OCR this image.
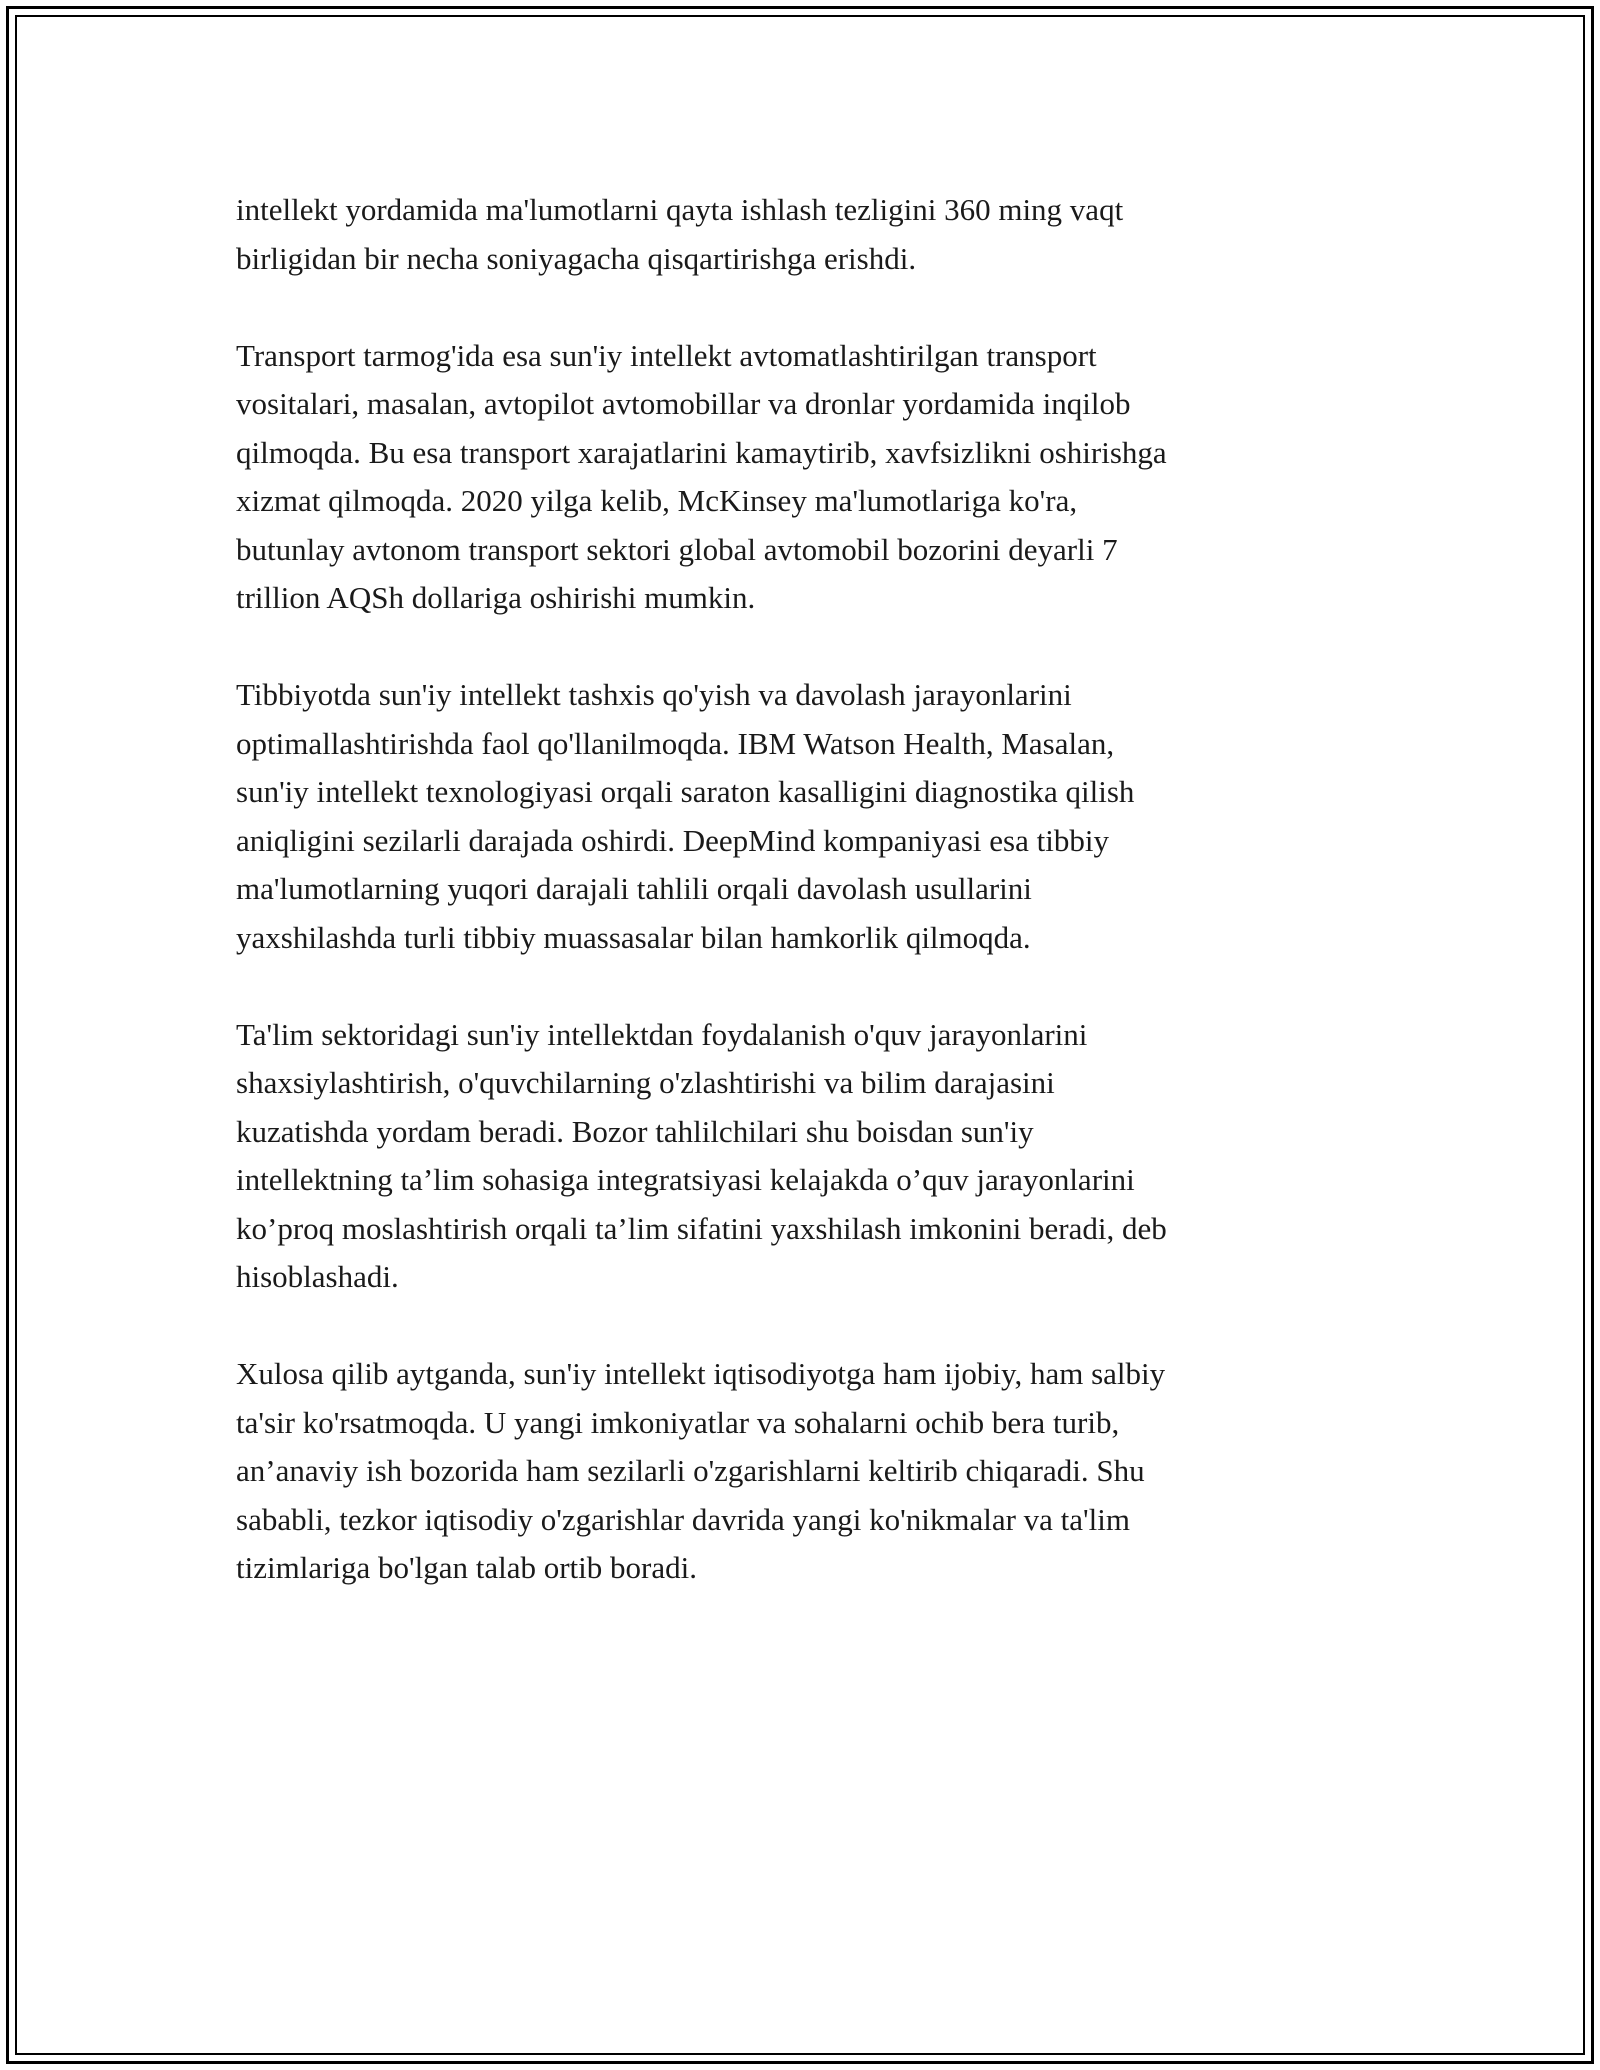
intellekt yordamida ma'lumotlarni qayta ishlash tezligini 360 ming vaqt
birligidan bir necha soniyagacha qisqartirishga erishdi.

Transport tarmog'ida esa sun'iy intellekt avtomatlashtirilgan transport
vositalari, masalan, avtopilot avtomobillar va dronlar yordamida inqilob
qilmoqda. Bu esa transport xarajatlarini kamaytirib, xavfsizlikni oshirishga
xizmat qilmoqda. 2020 yilga kelib, McKinsey ma'lumotlariga ko'ra,
butunlay avtonom transport sektori global avtomobil bozorini deyarli 7
trillion AQSh dollariga oshirishi mumkin.

Tibbiyotda sun'iy intellekt tashxis qo'yish va davolash jarayonlarini
optimallashtirishda faol qo'llanilmoqda. IBM Watson Health, Masalan,
sun'iy intellekt texnologiyasi orqali saraton kasalligini diagnostika qilish
aniqligini sezilarli darajada oshirdi. DeepMind kompaniyasi esa tibbiy
ma'lumotlarning yuqori darajali tahlili orqali davolash usullarini
yaxshilashda turli tibbiy muassasalar bilan hamkorlik qilmoqda.

Ta'lim sektoridagi sun'iy intellektdan foydalanish o'quv jarayonlarini
shaxsiylashtirish, o'quvchilarning o'zlashtirishi va bilim darajasini
kuzatishda yordam beradi. Bozor tahlilchilari shu boisdan sun'iy
intellektning ta’lim sohasiga integratsiyasi kelajakda o’quv jarayonlarini
ko’proq moslashtirish orqali ta’lim sifatini yaxshilash imkonini beradi, deb
hisoblashadi.

Xulosa qilib aytganda, sun'iy intellekt iqtisodiyotga ham ijobiy, ham salbiy
ta'sir ko'rsatmoqda. U yangi imkoniyatlar va sohalarni ochib bera turib,
an’anaviy ish bozorida ham sezilarli o'zgarishlarni keltirib chiqaradi. Shu
sababli, tezkor iqtisodiy o'zgarishlar davrida yangi ko'nikmalar va ta'lim
tizimlariga bo'lgan talab ortib boradi.
